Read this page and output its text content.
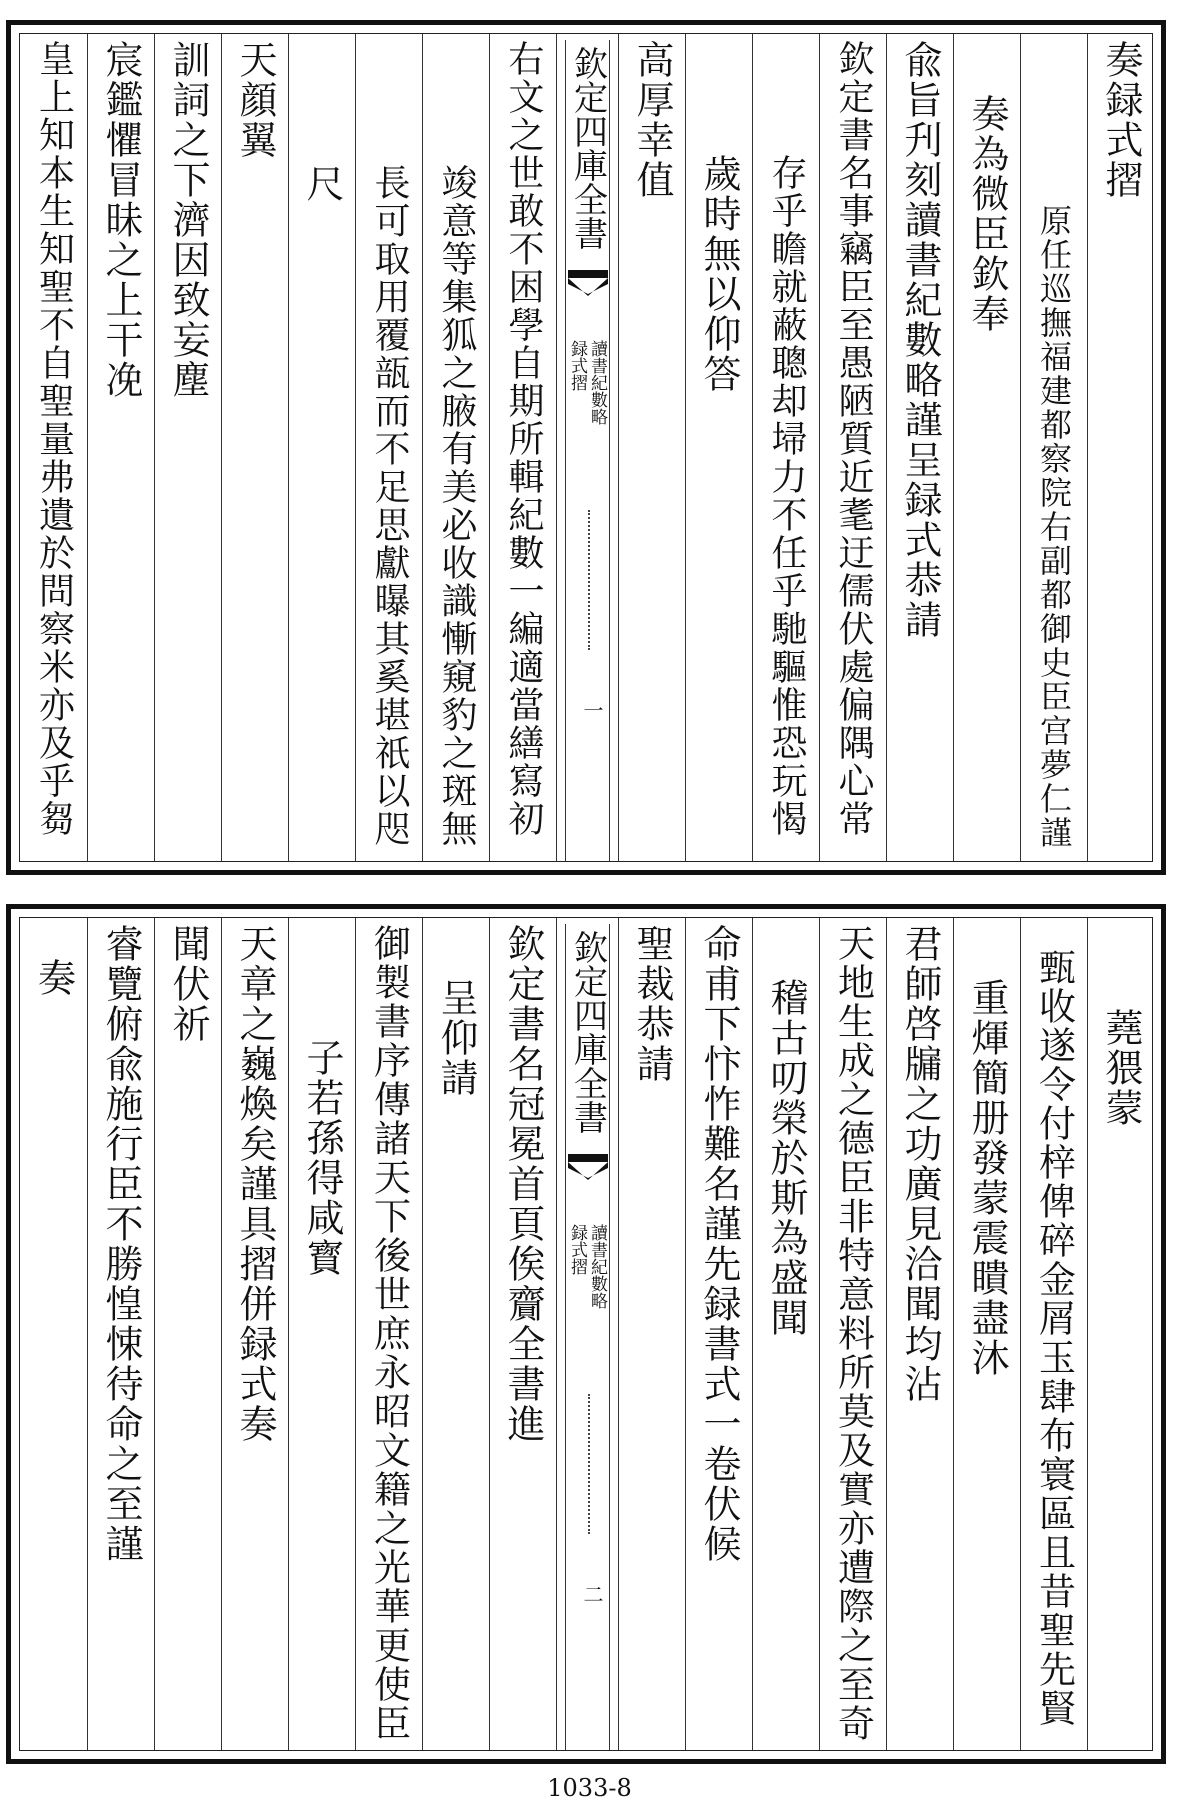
皇上知本生知聖不自聖量弗遺於問察米亦及乎芻 宸鑑懼冒昧之上干凂 訓詞之下濟因致妄塵 天顔翼
尺 長可取用覆瓿而不足思獻曝其奚堪祇以咫 竣意等集狐之腋有美必收識慚窺豹之斑無 右文之世敢不困學自期所輯紀數一編適當繕寫初 欽定四庫全書
讀書紀數略
録式摺
一
高厚幸值
歲時無以仰答 存乎瞻就蔽聰却埽力不任乎馳驅惟恐玩愒 欽定書名事竊臣至愚陋質近耄迂儒伏處偏隅心常 兪旨刋刻讀書紀數略謹呈録式恭請 奏為微臣欽奉 原任巡撫福建都察院右副都御史臣宫夢仁謹
奏録式摺
奏 睿覽俯兪施行臣不勝惶悚待命之至謹 聞伏祈 天章之巍煥矣謹具摺併録式奏 子若孫得咸寳 御製書序傳諸天下後世庶永昭文籍之光華更使臣 呈仰請 欽定書名冠冕首頁俟齎全書進 欽定四庫全書
讀書紀數略
録式摺
二
聖裁恭請 命甫下忭怍難名謹先録書式一卷伏候 稽古叨榮於斯為盛聞 天地生成之德臣非特意料所莫及實亦遭際之至奇 君師啓牖之功廣見洽聞均沾 重煇簡册發蒙震瞶盡沐 甄收遂令付梓俾碎金屑玉肆布寰區且昔聖先賢 蕘猥蒙
1033-8
